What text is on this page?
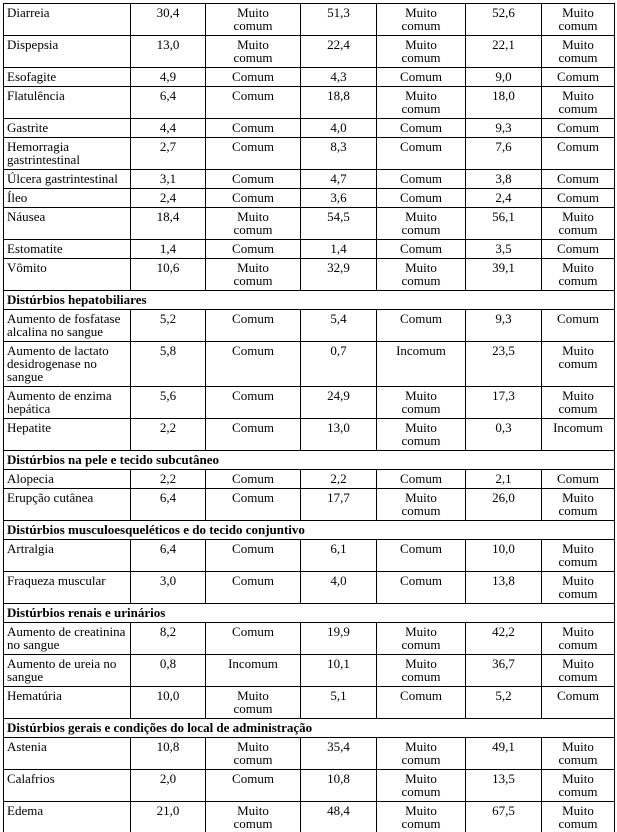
Diarreia	30,4	Muito comum	51,3	Muito comum	52,6	Muito comum
Dispepsia	13,0	Muito comum	22,4	Muito comum	22,1	Muito comum
Esofagite	4,9	Comum	4,3	Comum	9,0	Comum
Flatulência	6,4	Comum	18,8	Muito comum	18,0	Muito comum
Gastrite	4,4	Comum	4,0	Comum	9,3	Comum
Hemorragia gastrintestinal	2,7	Comum	8,3	Comum	7,6	Comum
Úlcera gastrintestinal	3,1	Comum	4,7	Comum	3,8	Comum
Íleo	2,4	Comum	3,6	Comum	2,4	Comum
Náusea	18,4	Muito comum	54,5	Muito comum	56,1	Muito comum
Estomatite	1,4	Comum	1,4	Comum	3,5	Comum
Vômito	10,6	Muito comum	32,9	Muito comum	39,1	Muito comum
Distúrbios hepatobiliares						
Aumento de fosfatase alcalina no sangue	5,2	Comum	5,4	Comum	9,3	Comum
Aumento de lactato desidrogenase no sangue	5,8	Comum	0,7	Incomum	23,5	Muito comum
Aumento de enzima hepática	5,6	Comum	24,9	Muito comum	17,3	Muito comum
Hepatite	2,2	Comum	13,0	Muito comum	0,3	Incomum
Distúrbios na pele e tecido subcutâneo						
Alopecia	2,2	Comum	2,2	Comum	2,1	Comum
Erupção cutânea	6,4	Comum	17,7	Muito comum	26,0	Muito comum
Distúrbios musculoesqueléticos e do tecido conjuntivo						
Artralgia	6,4	Comum	6,1	Comum	10,0	Muito comum
Fraqueza muscular	3,0	Comum	4,0	Comum	13,8	Muito comum
Distúrbios renais e urinários						
Aumento de creatinina no sangue	8,2	Comum	19,9	Muito comum	42,2	Muito comum
Aumento de ureia no sangue	0,8	Incomum	10,1	Muito comum	36,7	Muito comum
Hematúria	10,0	Muito comum	5,1	Comum	5,2	Comum
Distúrbios gerais e condições do local de administração						
Astenia	10,8	Muito comum	35,4	Muito comum	49,1	Muito comum
Calafrios	2,0	Comum	10,8	Muito comum	13,5	Muito comum
Edema	21,0	Muito comum	48,4	Muito comum	67,5	Muito comum
